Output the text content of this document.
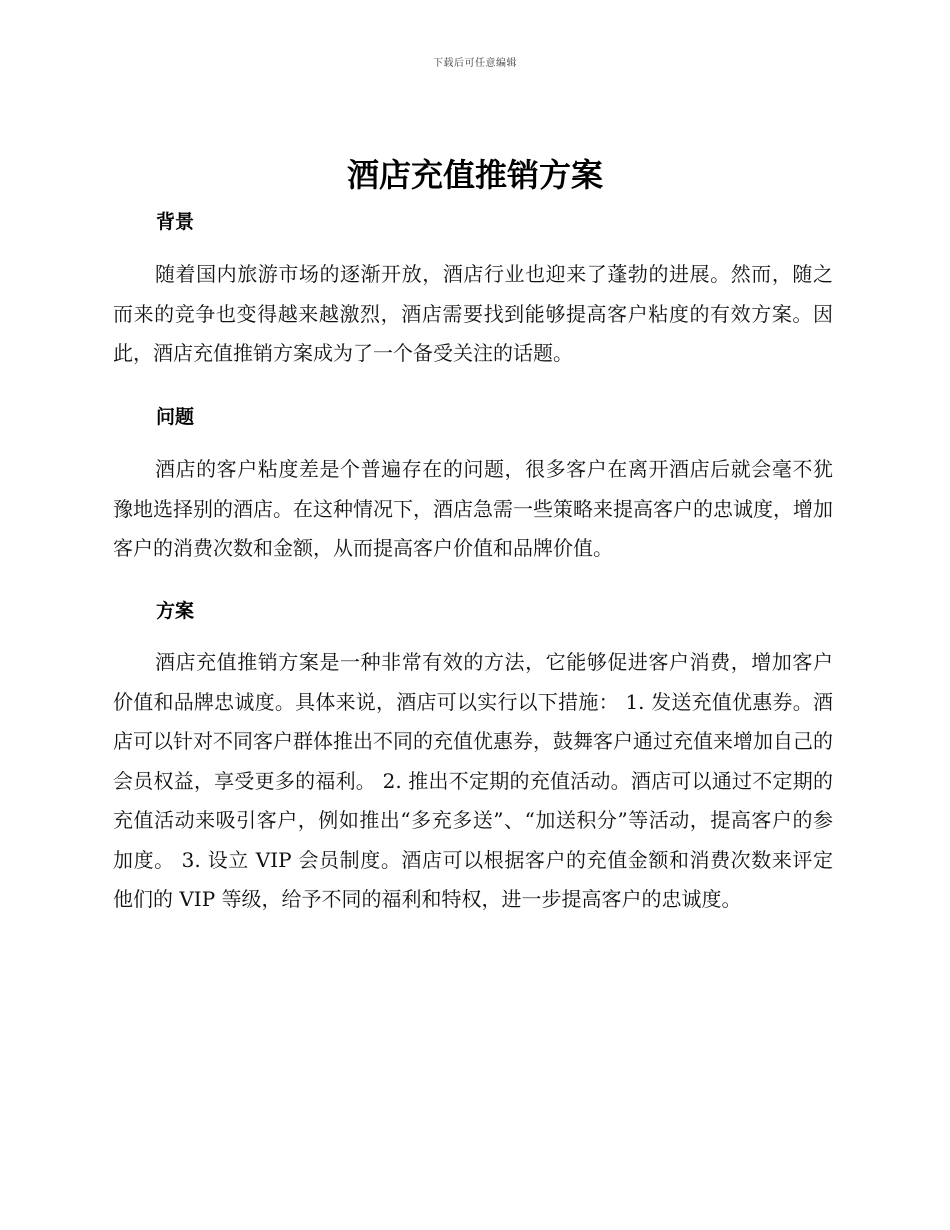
下载后可任意编辑
酒店充值推销方案
背景

随着国内旅游市场的逐渐开放，酒店行业也迎来了蓬勃的进展。然而，随之而来的竞争也变得越来越激烈，酒店需要找到能够提高客户粘度的有效方案。因此，酒店充值推销方案成为了一个备受关注的话题。

问题

酒店的客户粘度差是个普遍存在的问题，很多客户在离开酒店后就会毫不犹豫地选择别的酒店。在这种情况下，酒店急需一些策略来提高客户的忠诚度，增加客户的消费次数和金额，从而提高客户价值和品牌价值。

方案

酒店充值推销方案是一种非常有效的方法，它能够促进客户消费，增加客户价值和品牌忠诚度。具体来说，酒店可以实行以下措施： 1. 发送充值优惠券。酒店可以针对不同客户群体推出不同的充值优惠券，鼓舞客户通过充值来增加自己的会员权益，享受更多的福利。 2. 推出不定期的充值活动。酒店可以通过不定期的充值活动来吸引客户，例如推出“多充多送”、“加送积分”等活动，提高客户的参加度。 3. 设立 VIP 会员制度。酒店可以根据客户的充值金额和消费次数来评定他们的 VIP 等级，给予不同的福利和特权，进一步提高客户的忠诚度。
